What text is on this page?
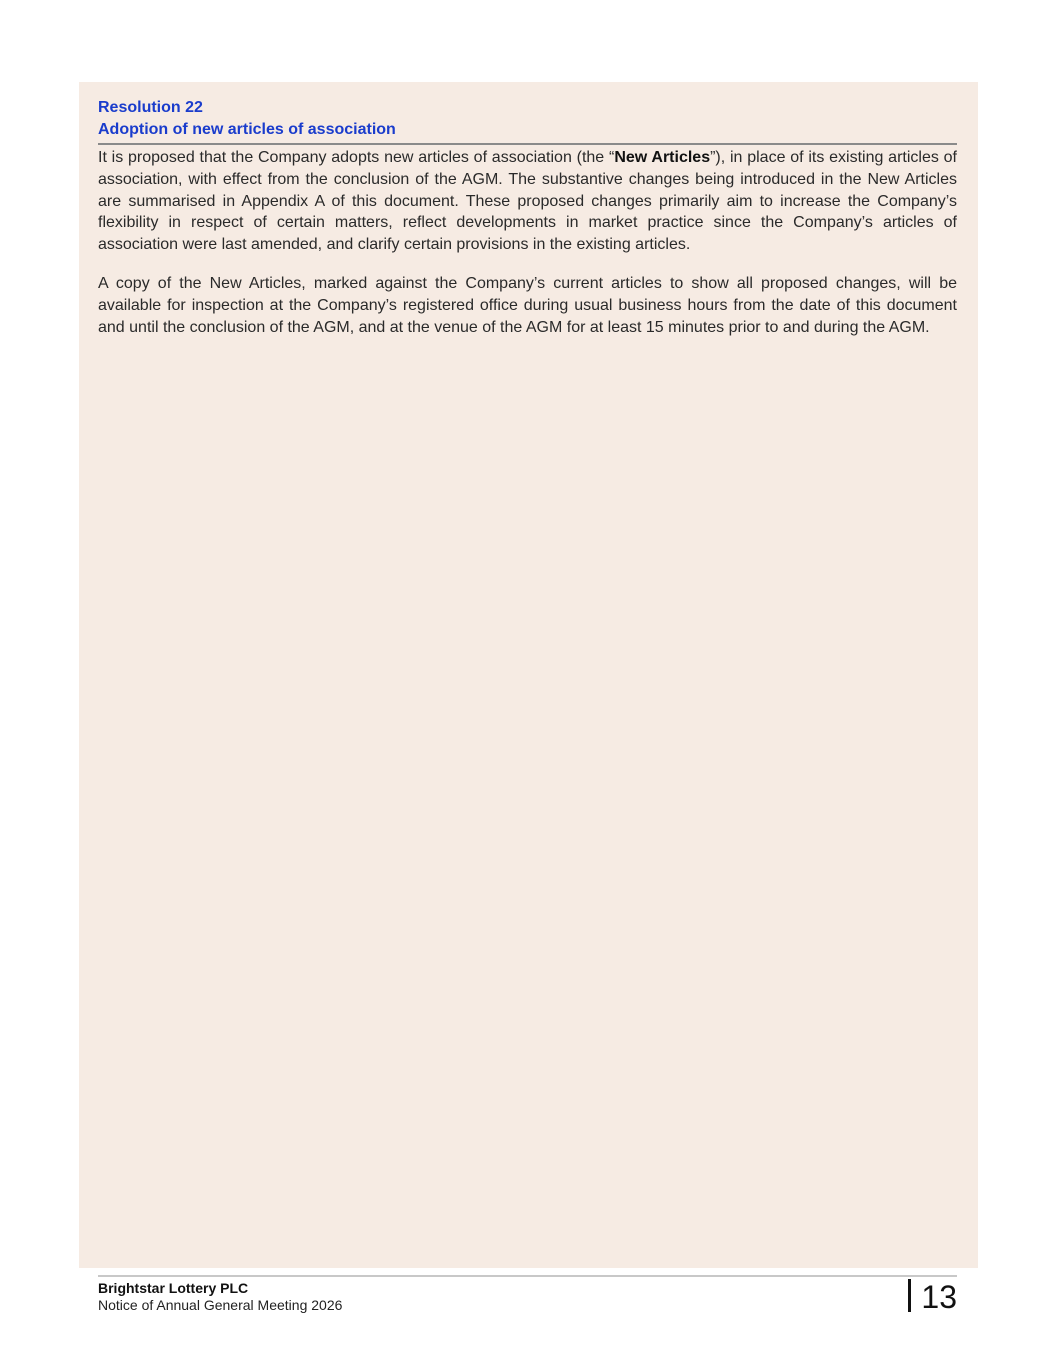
Resolution 22

Adoption of new articles of association

It is proposed that the Company adopts new articles of association (the “New Articles”), in place of its existing articles of association, with effect from the conclusion of the AGM. The substantive changes being introduced in the New Articles are summarised in Appendix A of this document. These proposed changes primarily aim to increase the Company’s flexibility in respect of certain matters, reflect developments in market practice since the Company’s articles of association were last amended, and clarify certain provisions in the existing articles.

A copy of the New Articles, marked against the Company’s current articles to show all proposed changes, will be available for inspection at the Company’s registered office during usual business hours from the date of this document and until the conclusion of the AGM, and at the venue of the AGM for at least 15 minutes prior to and during the AGM.

Brightstar Lottery PLC
Notice of Annual General Meeting 2026	13
